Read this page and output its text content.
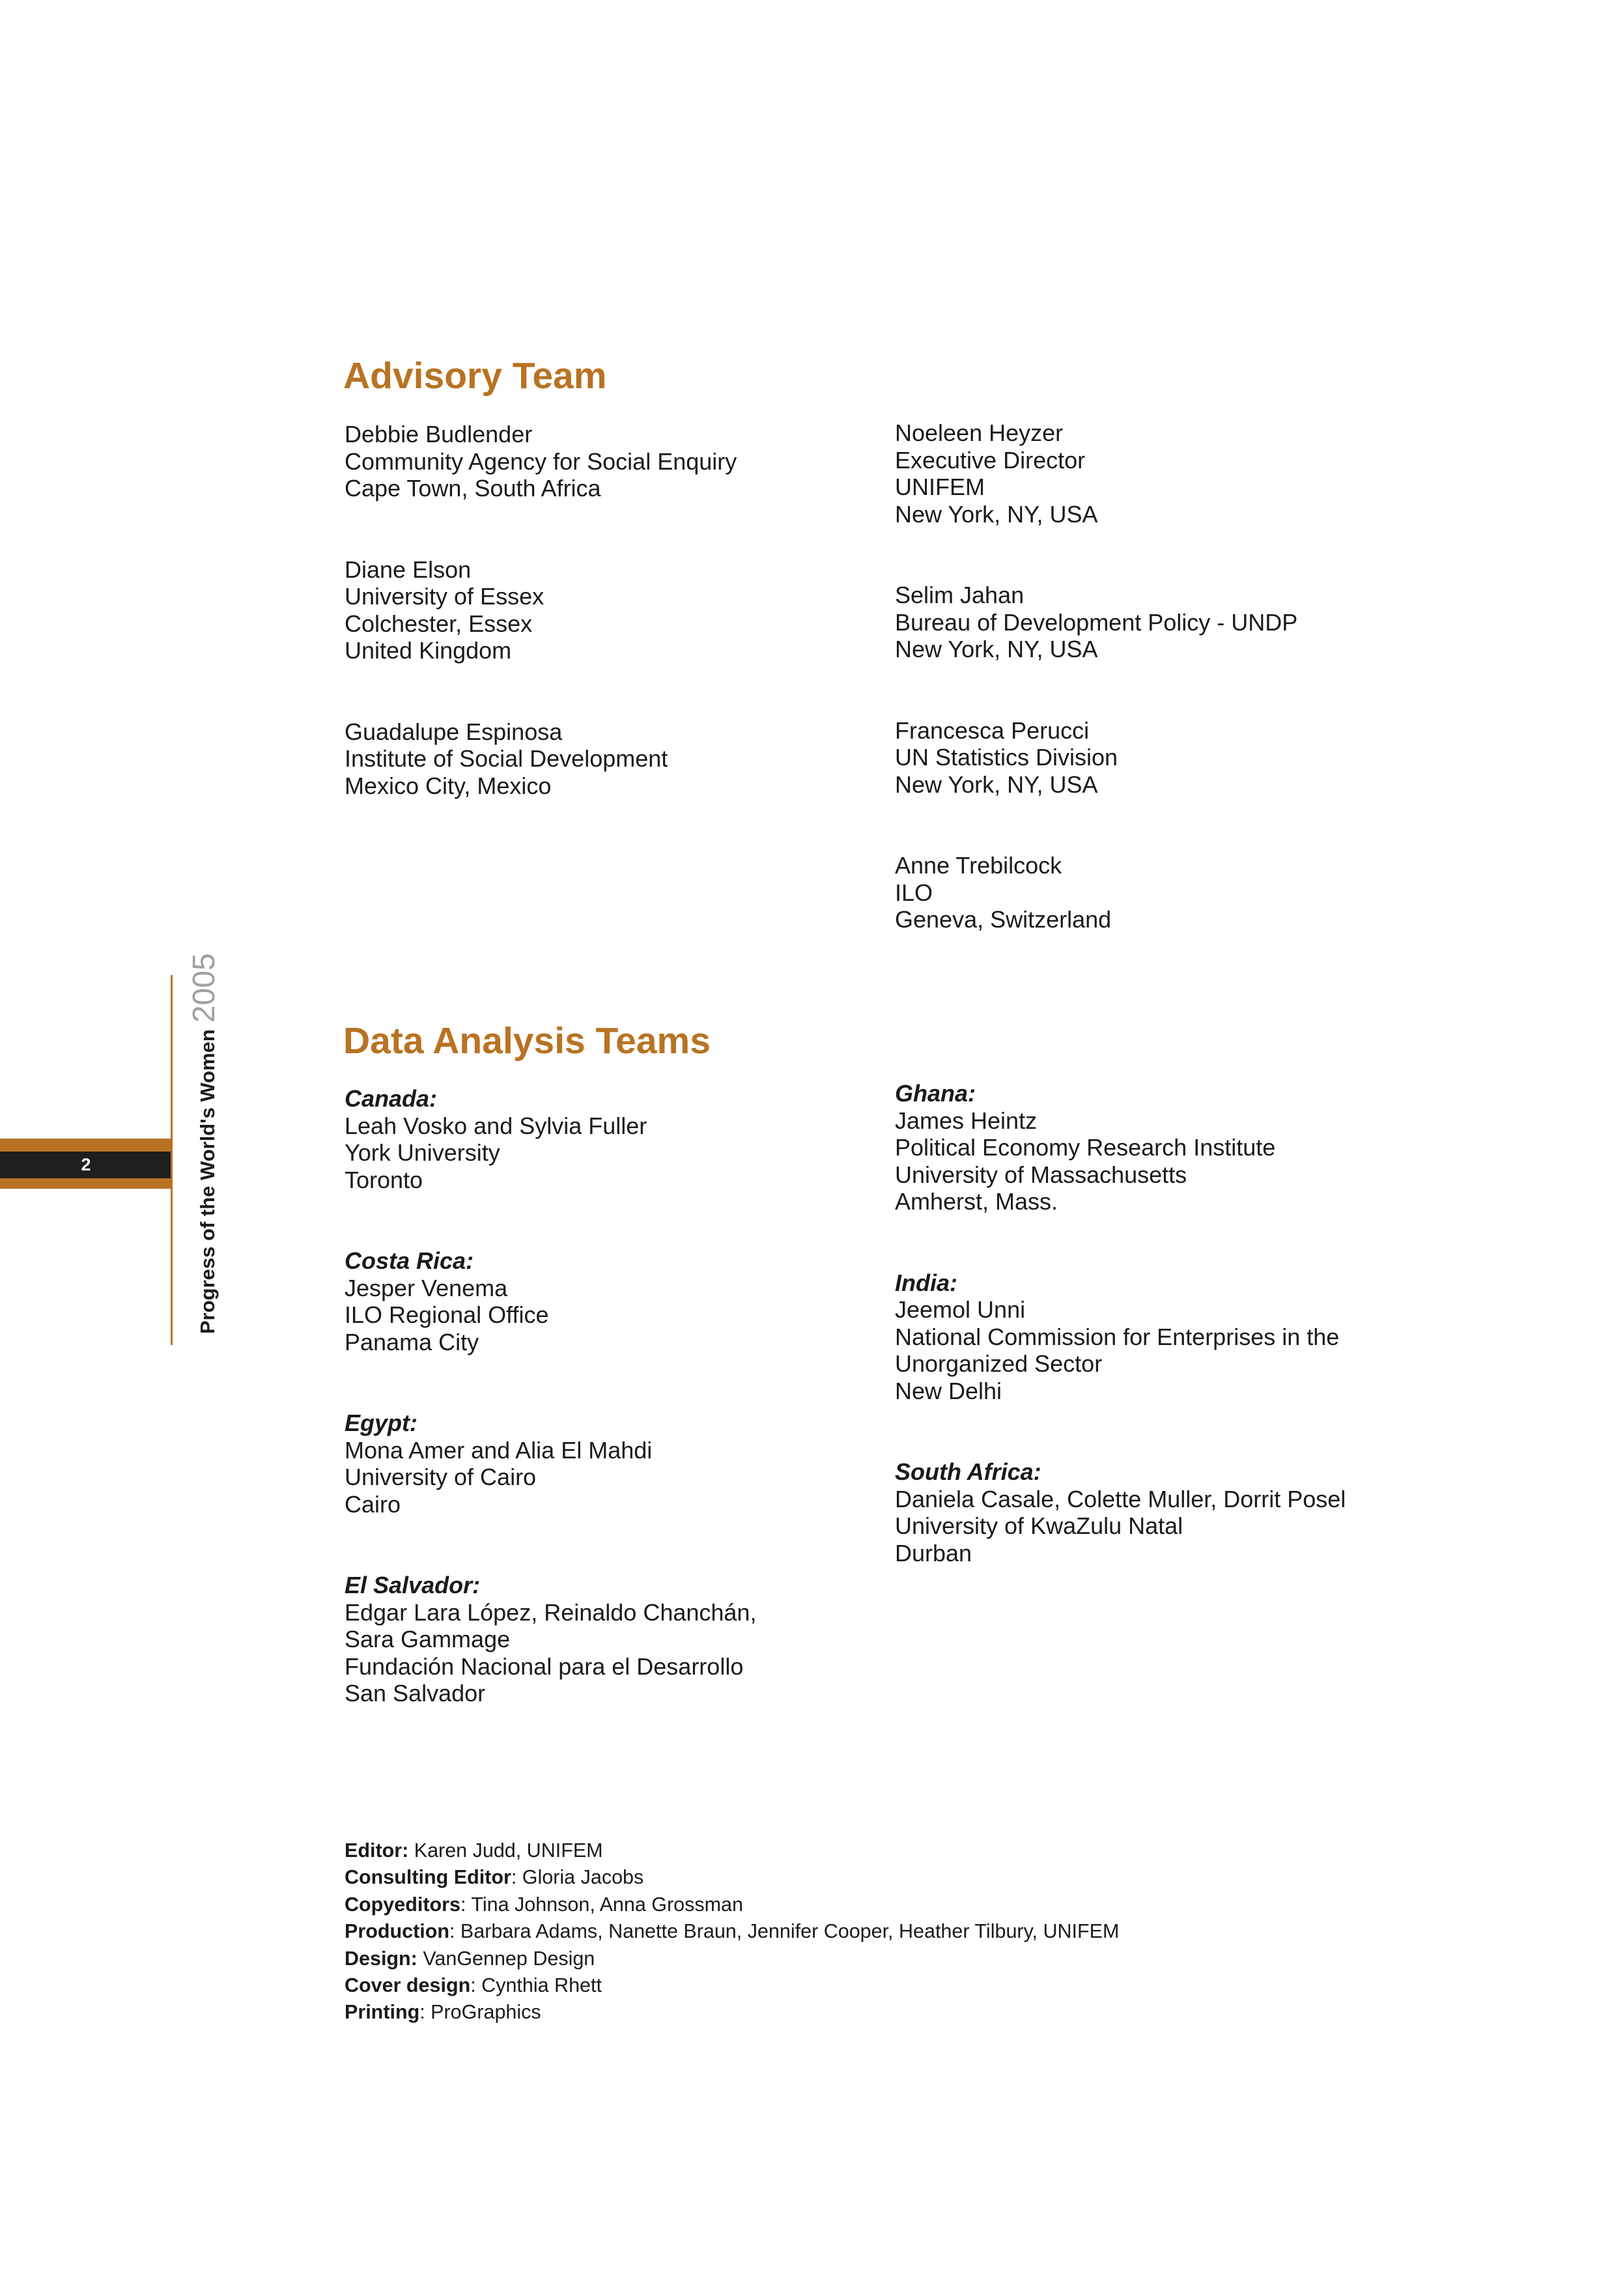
2	Progress of the World's Women2005
Advisory Team
Debbie Budlender
Community Agency for Social Enquiry
Cape Town, South Africa
Diane Elson
University of Essex
Colchester, Essex
United Kingdom
Guadalupe Espinosa
Institute of Social Development
Mexico City, Mexico
Noeleen Heyzer
Executive Director
UNIFEM
New York, NY, USA
Selim Jahan
Bureau of Development Policy - UNDP
New York, NY, USA
Francesca Perucci
UN Statistics Division
New York, NY, USA
Anne Trebilcock
ILO
Geneva, Switzerland
Data Analysis Teams
Canada:
Leah Vosko and Sylvia Fuller
York University
Toronto
Costa Rica:
Jesper Venema
ILO Regional Office
Panama City
Egypt:
Mona Amer and Alia El Mahdi
University of Cairo
Cairo
El Salvador:
Edgar Lara López, Reinaldo Chanchán,
Sara Gammage
Fundación Nacional para el Desarrollo
San Salvador
Ghana:
James Heintz
Political Economy Research Institute
University of Massachusetts
Amherst, Mass.
India:
Jeemol Unni
National Commission for Enterprises in the
Unorganized Sector
New Delhi
South Africa:
Daniela Casale, Colette Muller, Dorrit Posel
University of KwaZulu Natal
Durban
Editor: Karen Judd, UNIFEM
Consulting Editor: Gloria Jacobs
Copyeditors: Tina Johnson, Anna Grossman
Production: Barbara Adams, Nanette Braun, Jennifer Cooper, Heather Tilbury, UNIFEM
Design: VanGennep Design
Cover design: Cynthia Rhett
Printing: ProGraphics
